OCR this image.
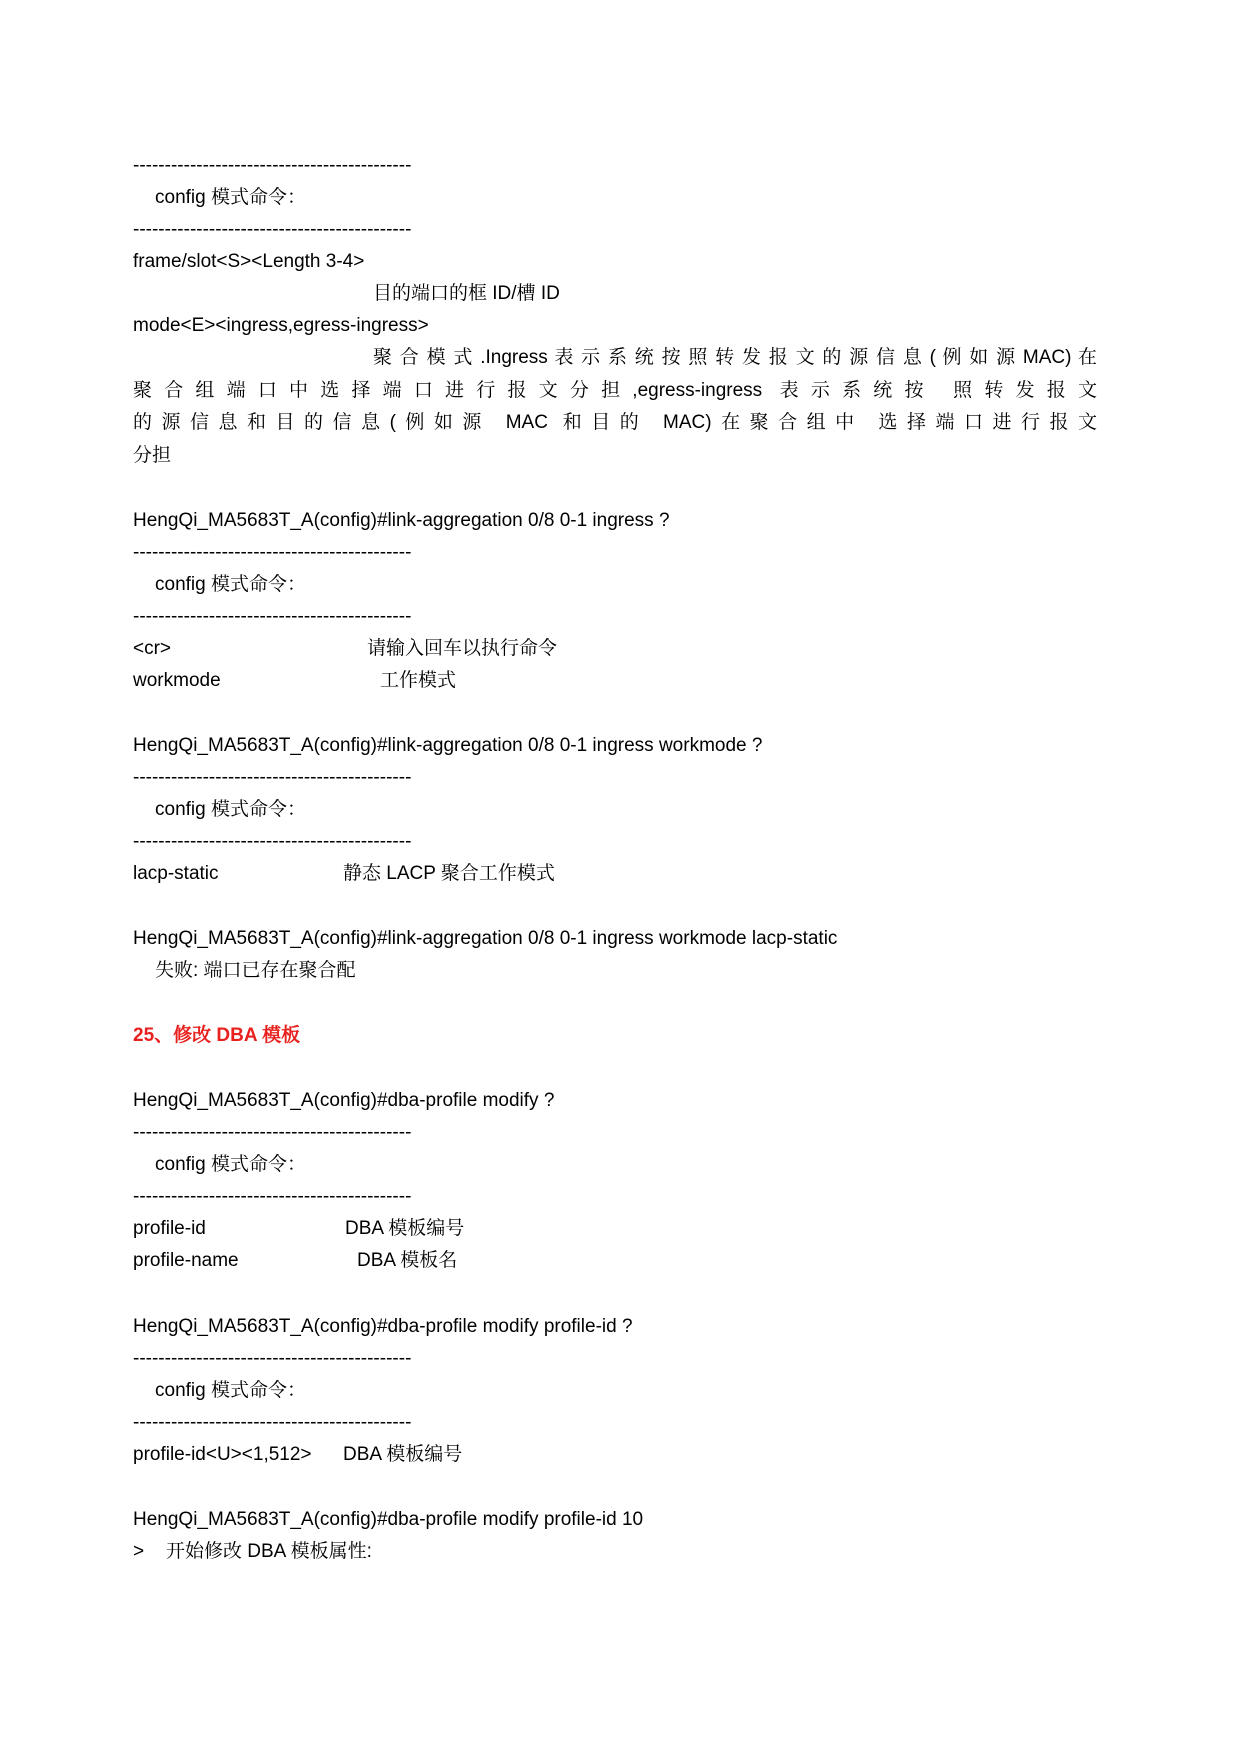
--------------------------------------------
config 模式命令：
--------------------------------------------
frame/slot<S><Length 3-4>
目的端口的框 ID/槽 ID
mode<E><ingress,egress-ingress>
聚 合 模 式 .Ingress 表 示 系 统 按 照 转 发 报 文 的 源 信 息 ( 例 如 源 MAC) 在
聚合组端口中选择端口进行报文分担,egress-ingress 表示系统按 照转发报文
的源信息和目的信息(例如源 MAC 和目的 MAC)在聚合组中 选择端口进行报文
分担
HengQi_MA5683T_A(config)#link-aggregation 0/8 0-1 ingress ?
--------------------------------------------
config 模式命令：
--------------------------------------------
<cr>	请输入回车以执行命令
workmode	工作模式
HengQi_MA5683T_A(config)#link-aggregation 0/8 0-1 ingress workmode ?
--------------------------------------------
config 模式命令：
--------------------------------------------
lacp-static	静态 LACP 聚合工作模式
HengQi_MA5683T_A(config)#link-aggregation 0/8 0-1 ingress workmode lacp-static
失败: 端口已存在聚合配
25、修改 DBA 模板
HengQi_MA5683T_A(config)#dba-profile modify ?
--------------------------------------------
config 模式命令：
--------------------------------------------
profile-id	DBA 模板编号
profile-name	DBA 模板名
HengQi_MA5683T_A(config)#dba-profile modify profile-id ?
--------------------------------------------
config 模式命令：
--------------------------------------------
profile-id<U><1,512> DBA 模板编号
HengQi_MA5683T_A(config)#dba-profile modify profile-id 10
> 开始修改 DBA 模板属性:
